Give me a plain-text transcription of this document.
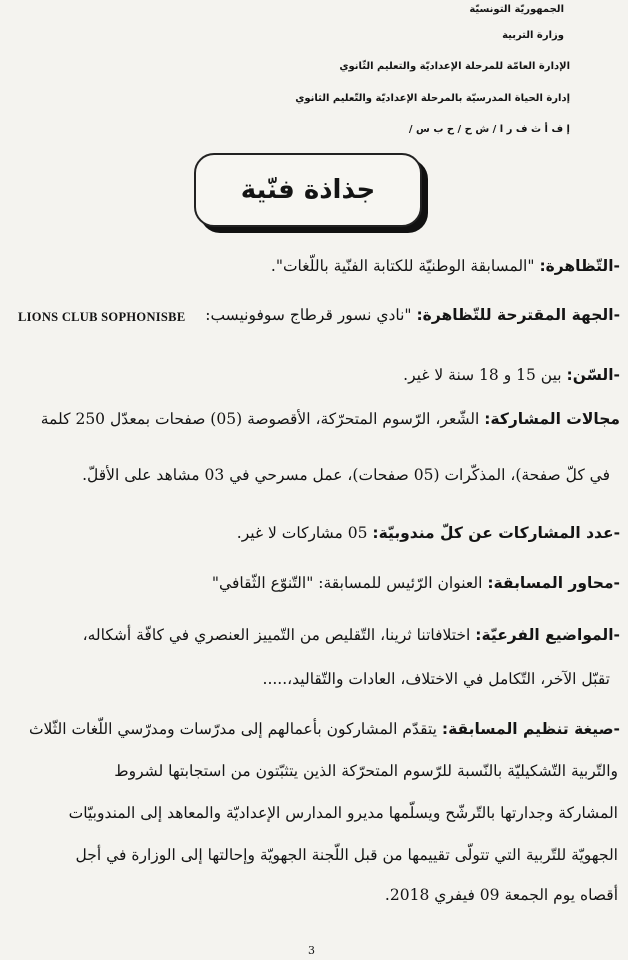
الجمهوريّة التونسيّة
وزارة التربية
الإدارة العامّة للمرحلة الإعداديّة والتعليم الثّانوي
إدارة الحياة المدرسيّة بالمرحلة الإعداديّة والتّعليم الثانوي
إ ف أ ث ف ر ا / ش ح / ح ب س /
جذاذة فنّية
-التّظاهرة: "المسابقة الوطنيّة للكتابة الفنّية باللّغات".
-الجهة المقترحة للتّظاهرة: "نادي نسور قرطاج سوفونيسب:
LIONS CLUB SOPHONISBE
-السّن: بين 15 و 18 سنة لا غير.
مجالات المشاركة: الشّعر، الرّسوم المتحرّكة، الأقصوصة (05) صفحات بمعدّل 250 كلمة
في كلّ صفحة)، المذكّرات (05 صفحات)، عمل مسرحي في 03 مشاهد على الأقلّ.
-عدد المشاركات عن كلّ مندوبيّة: 05 مشاركات لا غير.
-محاور المسابقة: العنوان الرّئيس للمسابقة: "التّنوّع الثّقافي"
-المواضيع الفرعيّة: اختلافاتنا ثرينا، التّقليص من التّمييز العنصري في كافّة أشكاله،
تقبّل الآخر، التّكامل في الاختلاف، العادات والتّقاليد،.....
-صيغة تنظيم المسابقة: يتقدّم المشاركون بأعمالهم إلى مدرّسات ومدرّسي اللّغات الثّلاث
والتّربية التّشكيليّة بالنّسبة للرّسوم المتحرّكة الذين يتثبّتون من استجابتها لشروط
المشاركة وجدارتها بالتّرشّح ويسلّمها مديرو المدارس الإعداديّة والمعاهد إلى المندوبيّات
الجهويّة للتّربية التي تتولّى تقييمها من قبل اللّجنة الجهويّة وإحالتها إلى الوزارة في أجل
أقصاه يوم الجمعة 09 فيفري 2018.
3
